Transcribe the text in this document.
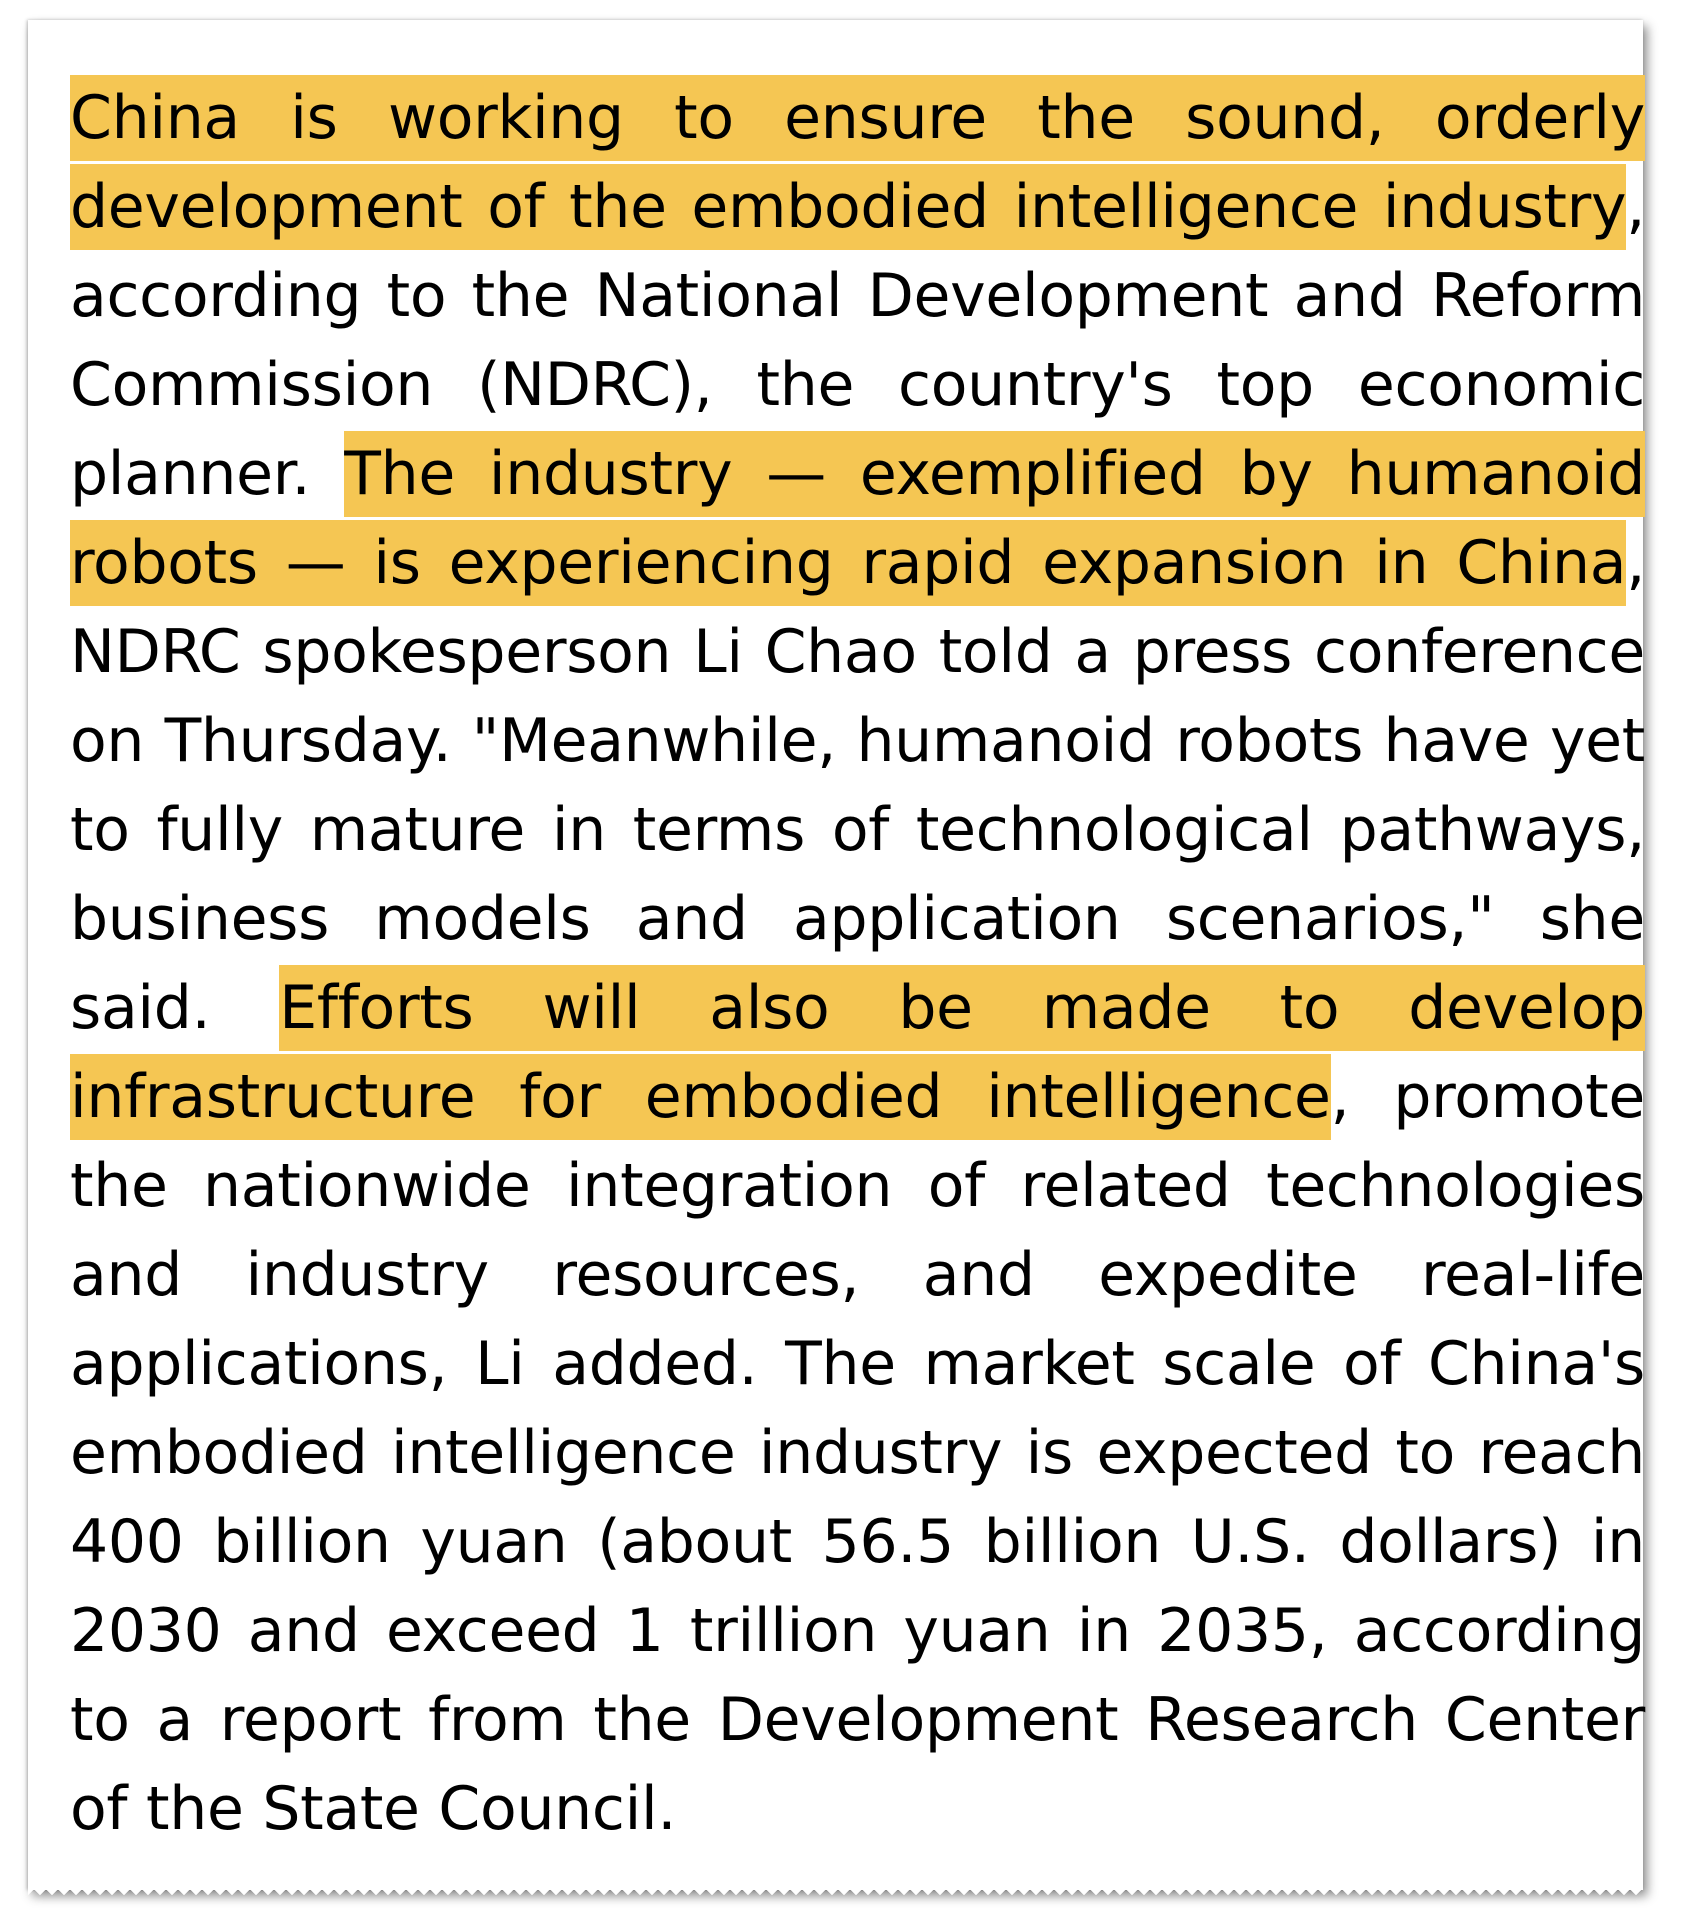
China is working to ensure the sound, orderly development of the embodied intelligence industry, according to the National Development and Reform Commission (NDRC), the country's top economic planner. The industry — exemplified by humanoid robots — is experiencing rapid expansion in China, NDRC spokesperson Li Chao told a press conference on Thursday. "Meanwhile, humanoid robots have yet to fully mature in terms of technological pathways, business models and application scenarios," she said. Efforts will also be made to develop infrastructure for embodied intelligence, promote the nationwide integration of related technologies and industry resources, and expedite real-life applications, Li added. The market scale of China's embodied intelligence industry is expected to reach 400 billion yuan (about 56.5 billion U.S. dollars) in 2030 and exceed 1 trillion yuan in 2035, according to a report from the Development Research Center of the State Council.
